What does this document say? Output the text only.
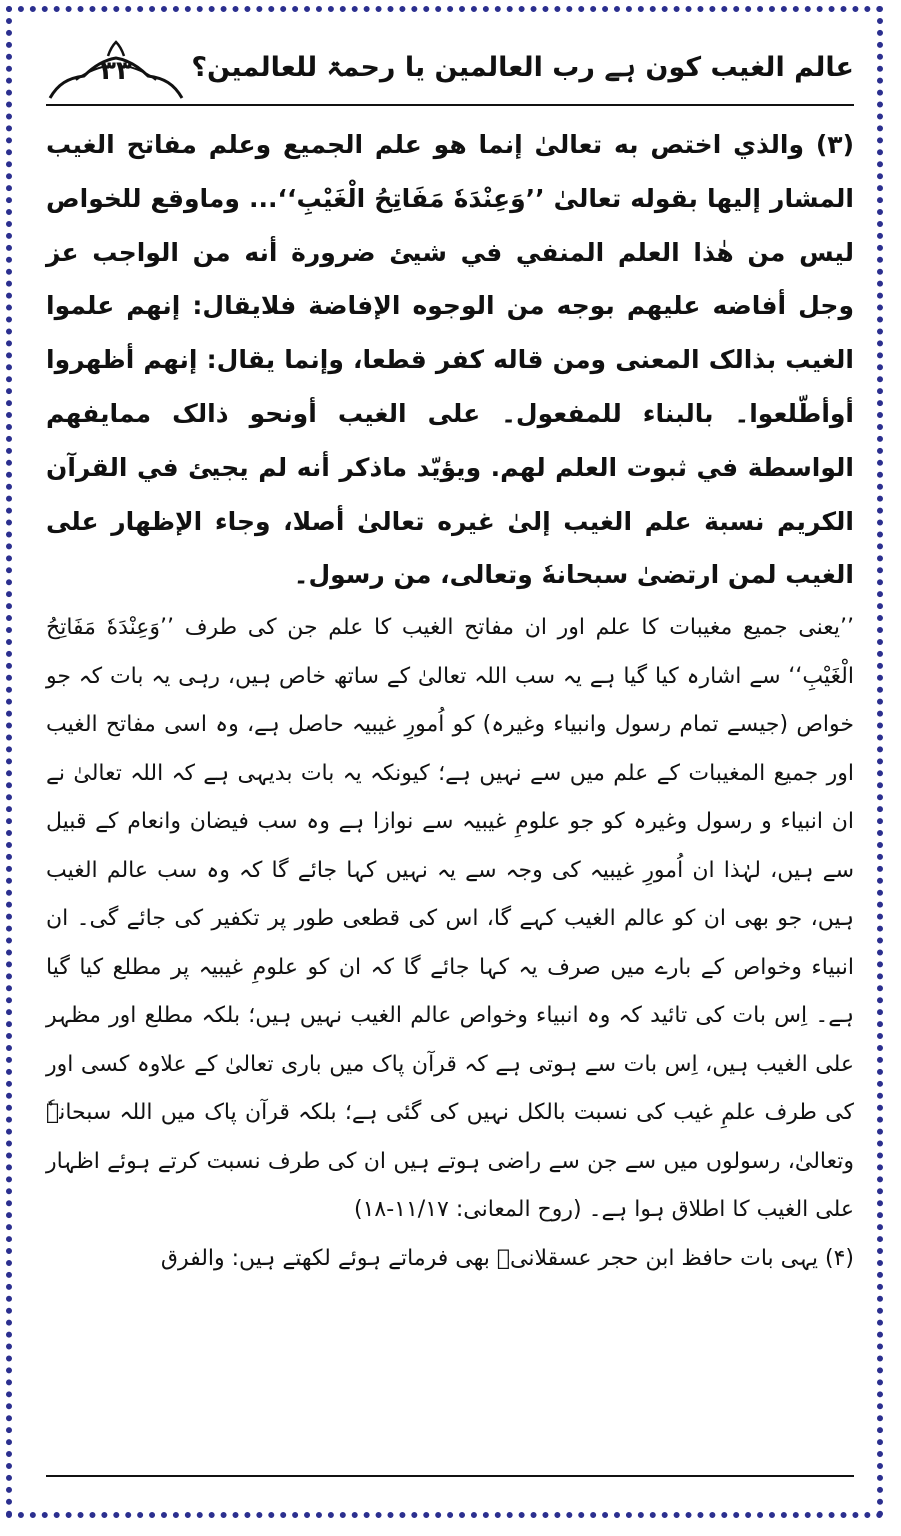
۳۳	عالم الغیب کون ہے رب العالمین یا رحمۃ للعالمین؟

(۳) والذي اختص به تعالىٰ إنما هو علم الجميع وعلم مفاتح الغيب المشار إليها بقوله تعالىٰ ’’وَعِنْدَهٗ مَفَاتِحُ الْغَيْبِ‘‘... وماوقع للخواص ليس من هٰذا العلم المنفي في شيئ ضرورة أنه من الواجب عز وجل أفاضه عليهم بوجه من الوجوه الإفاضة فلايقال: إنهم علموا الغيب بذالک المعنى ومن قاله كفر قطعا، وإنما يقال: إنهم أظهروا أوأطّلعوا۔ بالبناء للمفعول۔ على الغيب أونحو ذالک ممايفهم الواسطة في ثبوت العلم لهم. ويؤيّد ماذكر أنه لم يجيئ في القرآن الكريم نسبة علم الغيب إلىٰ غيره تعالىٰ أصلا، وجاء الإظهار على الغيب لمن ارتضىٰ سبحانهٗ وتعالى، من رسول۔

’’یعنی جمیع مغیبات کا علم اور ان مفاتح الغیب کا علم جن کی طرف ’’وَعِنْدَهٗ مَفَاتِحُ الْغَيْبِ‘‘ سے اشارہ کیا گیا ہے یہ سب اللہ تعالیٰ کے ساتھ خاص ہیں، رہی یہ بات کہ جو خواص (جیسے تمام رسول وانبیاء وغیرہ) کو اُمورِ غیبیہ حاصل ہے، وہ اسی مفاتح الغیب اور جمیع المغیبات کے علم میں سے نہیں ہے؛ کیونکہ یہ بات بدیہی ہے کہ اللہ تعالیٰ نے ان انبیاء و رسول وغیرہ کو جو علومِ غیبیہ سے نوازا ہے وہ سب فیضان وانعام کے قبیل سے ہیں، لہٰذا ان اُمورِ غیبیہ کی وجہ سے یہ نہیں کہا جائے گا کہ وہ سب عالم الغیب ہیں، جو بھی ان کو عالم الغیب کہے گا، اس کی قطعی طور پر تکفیر کی جائے گی۔ ان انبیاء وخواص کے بارے میں صرف یہ کہا جائے گا کہ ان کو علومِ غیبیہ پر مطلع کیا گیا ہے۔ اِس بات کی تائید کہ وہ انبیاء وخواص عالم الغیب نہیں ہیں؛ بلکہ مطلع اور مظہر علی الغیب ہیں، اِس بات سے ہوتی ہے کہ قرآن پاک میں باری تعالیٰ کے علاوہ کسی اور کی طرف علمِ غیب کی نسبت بالکل نہیں کی گئی ہے؛ بلکہ قرآن پاک میں اللہ سبحانہٗ وتعالیٰ، رسولوں میں سے جن سے راضی ہوتے ہیں ان کی طرف نسبت کرتے ہوئے اظہار علی الغیب کا اطلاق ہوا ہے۔ (روح المعانی: ۱۱/۱۷-۱۸)

(۴) یہی بات حافظ ابن حجر عسقلانیؒ بھی فرماتے ہوئے لکھتے ہیں: والفرق
